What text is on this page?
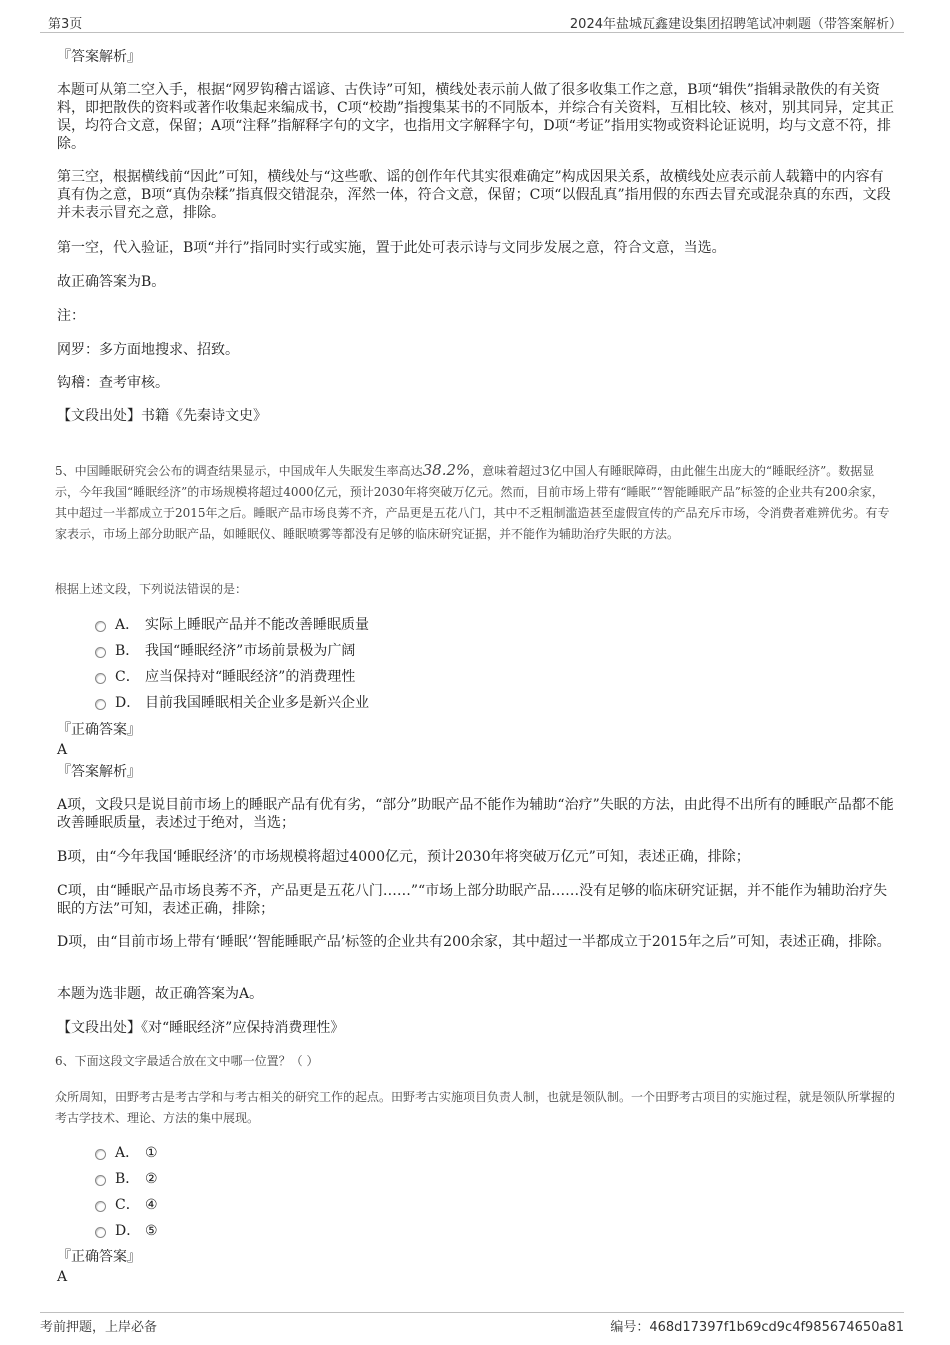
第3页	2024年盐城瓦鑫建设集团招聘笔试冲刺题（带答案解析）
『答案解析』
本题可从第二空入手，根据“网罗钩稽古谣谚、古佚诗”可知，横线处表示前人做了很多收集工作之意，B项“辑佚”指辑录散佚的有关资料，即把散佚的资料或著作收集起来编成书，C项“校勘”指搜集某书的不同版本，并综合有关资料，互相比较、核对，别其同异，定其正误，均符合文意，保留；A项“注释”指解释字句的文字，也指用文字解释字句，D项“考证”指用实物或资料论证说明，均与文意不符，排除。
第三空，根据横线前“因此”可知，横线处与“这些歌、谣的创作年代其实很难确定”构成因果关系，故横线处应表示前人载籍中的内容有真有伪之意，B项“真伪杂糅”指真假交错混杂，浑然一体，符合文意，保留；C项“以假乱真”指用假的东西去冒充或混杂真的东西，文段并未表示冒充之意，排除。
第一空，代入验证，B项“并行”指同时实行或实施，置于此处可表示诗与文同步发展之意，符合文意，当选。
故正确答案为B。
注：
网罗：多方面地搜求、招致。
钩稽：查考审核。
【文段出处】书籍《先秦诗文史》
5、中国睡眠研究会公布的调查结果显示，中国成年人失眠发生率高达38.2%，意味着超过3亿中国人有睡眠障碍，由此催生出庞大的“睡眠经济”。数据显示，今年我国“睡眠经济”的市场规模将超过4000亿元，预计2030年将突破万亿元。然而，目前市场上带有“睡眠”“智能睡眠产品”标签的企业共有200余家，其中超过一半都成立于2015年之后。睡眠产品市场良莠不齐，产品更是五花八门，其中不乏粗制滥造甚至虚假宣传的产品充斥市场，令消费者难辨优劣。有专家表示，市场上部分助眠产品，如睡眠仪、睡眠喷雾等都没有足够的临床研究证据，并不能作为辅助治疗失眠的方法。
根据上述文段，下列说法错误的是：
A． 实际上睡眠产品并不能改善睡眠质量
B． 我国“睡眠经济”市场前景极为广阔
C． 应当保持对“睡眠经济”的消费理性
D． 目前我国睡眠相关企业多是新兴企业
『正确答案』
A
『答案解析』
A项，文段只是说目前市场上的睡眠产品有优有劣，“部分”助眠产品不能作为辅助“治疗”失眠的方法，由此得不出所有的睡眠产品都不能改善睡眠质量，表述过于绝对，当选；
B项，由“今年我国‘睡眠经济’的市场规模将超过4000亿元，预计2030年将突破万亿元”可知，表述正确，排除；
C项，由“睡眠产品市场良莠不齐，产品更是五花八门……”“市场上部分助眠产品……没有足够的临床研究证据，并不能作为辅助治疗失眠的方法”可知，表述正确，排除；
D项，由“目前市场上带有‘睡眠’‘智能睡眠产品’标签的企业共有200余家，其中超过一半都成立于2015年之后”可知，表述正确，排除。
本题为选非题，故正确答案为A。
【文段出处】《对“睡眠经济”应保持消费理性》
6、下面这段文字最适合放在文中哪一位置？（ ）
众所周知，田野考古是考古学和与考古相关的研究工作的起点。田野考古实施项目负责人制，也就是领队制。一个田野考古项目的实施过程，就是领队所掌握的考古学技术、理论、方法的集中展现。
A． ①
B． ②
C． ④
D． ⑤
『正确答案』
A
考前押题，上岸必备	编号：468d17397f1b69cd9c4f985674650a81
